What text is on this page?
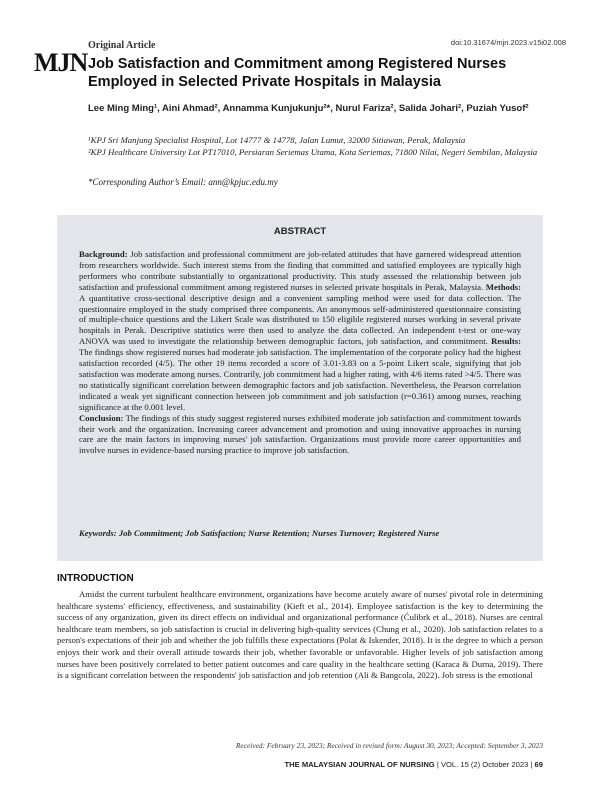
MJN
Original Article	doi:10.31674/mjn.2023.v15i02.008
Job Satisfaction and Commitment among Registered Nurses Employed in Selected Private Hospitals in Malaysia
Lee Ming Ming¹, Aini Ahmad², Annamma Kunjukunju²*, Nurul Fariza², Salida Johari², Puziah Yusof²
¹KPJ Sri Manjung Specialist Hospital, Lot 14777 & 14778, Jalan Lumut, 32000 Sitiawan, Perak, Malaysia
²KPJ Healthcare University Lot PT17010, Persiaran Seriemas Utama, Kota Seriemas, 71800 Nilai, Negeri Sembilan, Malaysia
*Corresponding Author’s Email: ann@kpjuc.edu.my
ABSTRACT
Background: Job satisfaction and professional commitment are job-related attitudes that have garnered widespread attention from researchers worldwide. Such interest stems from the finding that committed and satisfied employees are typically high performers who contribute substantially to organizational productivity. This study assessed the relationship between job satisfaction and professional commitment among registered nurses in selected private hospitals in Perak, Malaysia. Methods: A quantitative cross-sectional descriptive design and a convenient sampling method were used for data collection. The questionnaire employed in the study comprised three components. An anonymous self-administered questionnaire consisting of multiple-choice questions and the Likert Scale was distributed to 150 eligible registered nurses working in several private hospitals in Perak. Descriptive statistics were then used to analyze the data collected. An independent t-test or one-way ANOVA was used to investigate the relationship between demographic factors, job satisfaction, and commitment. Results: The findings show registered nurses had moderate job satisfaction. The implementation of the corporate policy had the highest satisfaction recorded (4/5). The other 19 items recorded a score of 3.01-3.83 on a 5-point Likert scale, signifying that job satisfaction was moderate among nurses. Contrarily, job commitment had a higher rating, with 4/6 items rated >4/5. There was no statistically significant correlation between demographic factors and job satisfaction. Nevertheless, the Pearson correlation indicated a weak yet significant connection between job commitment and job satisfaction (r=0.361) among nurses, reaching significance at the 0.001 level.
Conclusion: The findings of this study suggest registered nurses exhibited moderate job satisfaction and commitment towards their work and the organization. Increasing career advancement and promotion and using innovative approaches in nursing care are the main factors in improving nurses' job satisfaction. Organizations must provide more career opportunities and involve nurses in evidence-based nursing practice to improve job satisfaction.
Keywords: Job Commitment; Job Satisfaction; Nurse Retention; Nurses Turnover; Registered Nurse
INTRODUCTION
Amidst the current turbulent healthcare environment, organizations have become acutely aware of nurses' pivotal role in determining healthcare systems' efficiency, effectiveness, and sustainability (Kieft et al., 2014). Employee satisfaction is the key to determining the success of any organization, given its direct effects on individual and organizational performance (Ćulibrk et al., 2018). Nurses are central healthcare team members, so job satisfaction is crucial in delivering high-quality services (Chung et al., 2020). Job satisfaction relates to a person's expectations of their job and whether the job fulfills these expectations (Polat & Iskender, 2018). It is the degree to which a person enjoys their work and their overall attitude towards their job, whether favorable or unfavorable. Higher levels of job satisfaction among nurses have been positively correlated to better patient outcomes and care quality in the healthcare setting (Karaca & Durna, 2019). There is a significant correlation between the respondents' job satisfaction and job retention (Ali & Bangcola, 2022). Job stress is the emotional
Received: February 23, 2023; Received in revised form: August 30, 2023; Accepted: September 3, 2023
THE MALAYSIAN JOURNAL OF NURSING | VOL. 15 (2) October 2023 | 69
